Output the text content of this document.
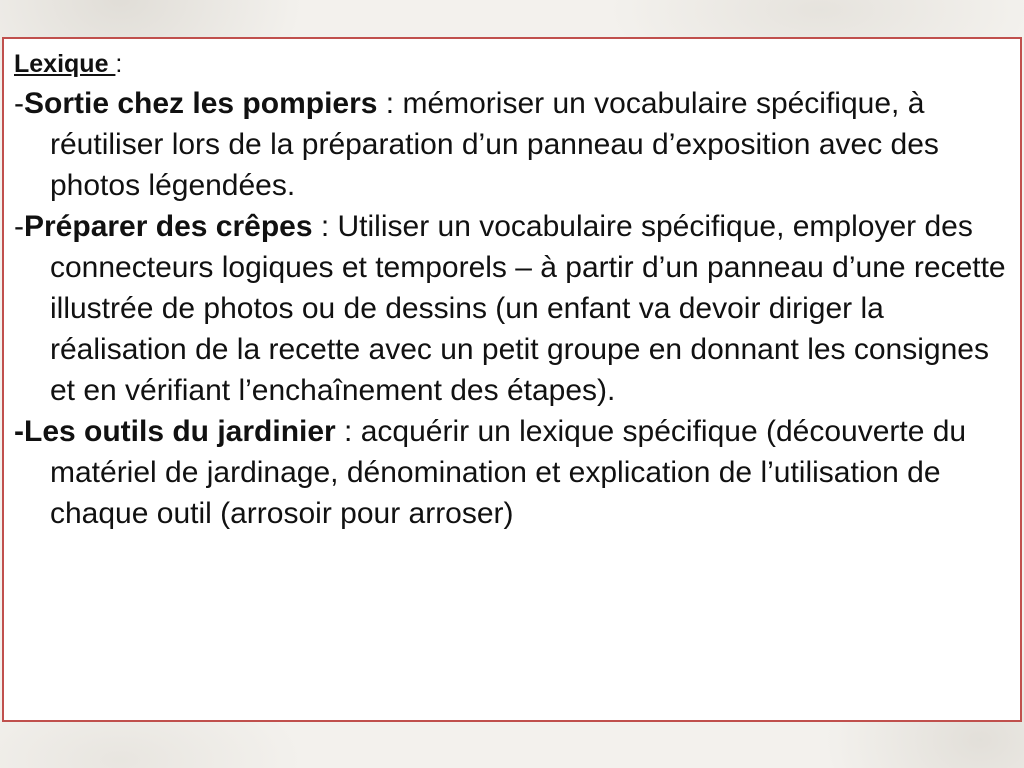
Lexique :

-Sortie chez les pompiers : mémoriser un vocabulaire spécifique, à réutiliser lors de la préparation d’un panneau d’exposition avec des photos légendées.

-Préparer des crêpes : Utiliser un vocabulaire spécifique, employer des connecteurs logiques et temporels – à partir d’un panneau d’une recette illustrée de photos ou de dessins (un enfant va devoir diriger la réalisation de la recette avec un petit groupe en donnant les consignes et en vérifiant l’enchaînement des étapes).

-Les outils du jardinier : acquérir un lexique spécifique (découverte du matériel de jardinage, dénomination et explication de l’utilisation de chaque outil (arrosoir pour arroser)
